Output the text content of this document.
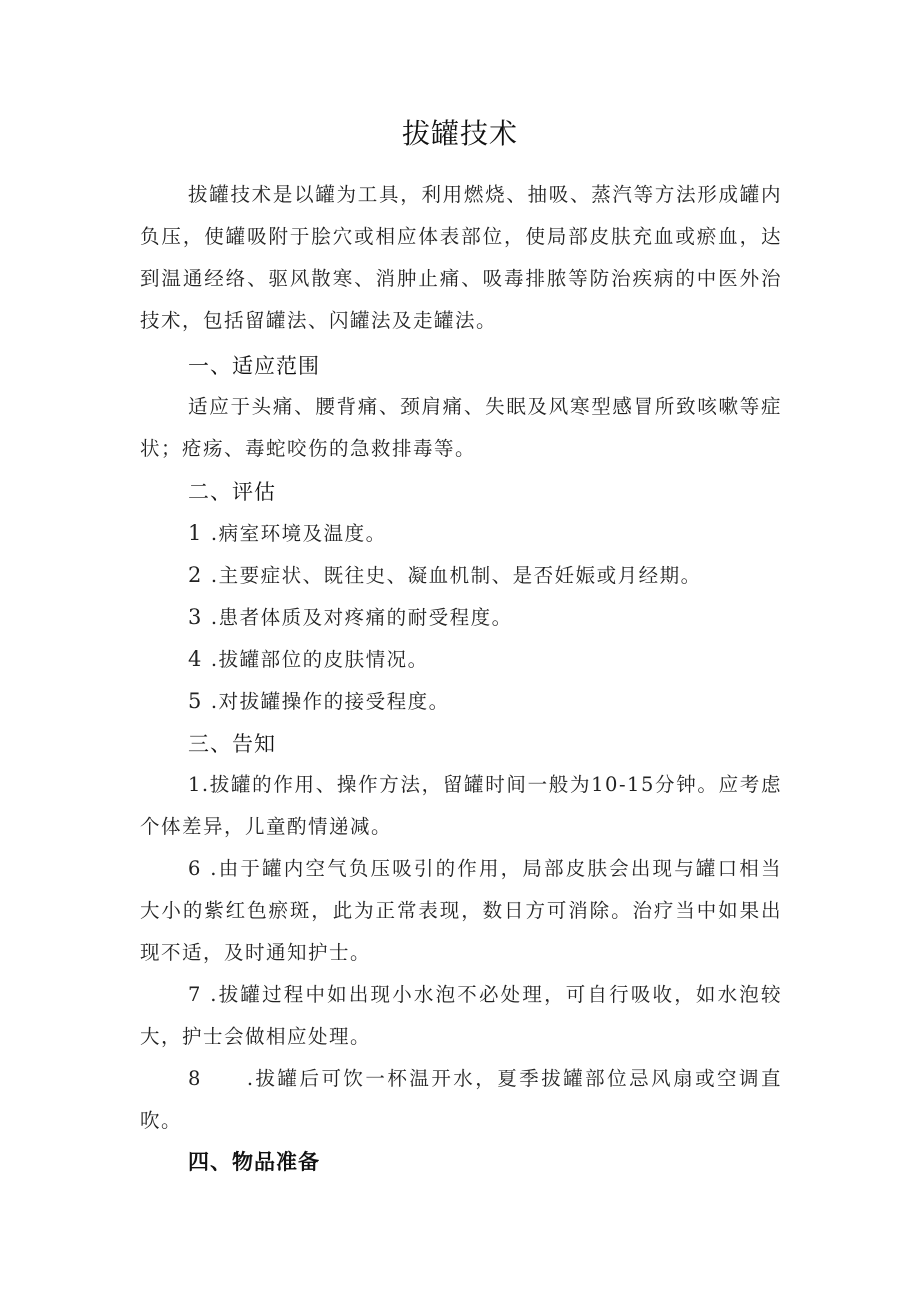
拔罐技术

拔罐技术是以罐为工具，利用燃烧、抽吸、蒸汽等方法形成罐内负压，使罐吸附于脍穴或相应体表部位，使局部皮肤充血或瘀血，达到温通经络、驱风散寒、消肿止痛、吸毒排脓等防治疾病的中医外治技术，包括留罐法、闪罐法及走罐法。

一、适应范围

适应于头痛、腰背痛、颈肩痛、失眠及风寒型感冒所致咳嗽等症状；疮疡、毒蛇咬伤的急救排毒等。

二、评估
1 .病室环境及温度。
2 .主要症状、既往史、凝血机制、是否妊娠或月经期。
3 .患者体质及对疼痛的耐受程度。
4 .拔罐部位的皮肤情况。
5 .对拔罐操作的接受程度。
三、告知

1.拔罐的作用、操作方法，留罐时间一般为10-15分钟。应考虑个体差异，儿童酌情递减。

6 .由于罐内空气负压吸引的作用，局部皮肤会出现与罐口相当大小的紫红色瘀斑，此为正常表现，数日方可消除。治疗当中如果出现不适，及时通知护士。

7 .拔罐过程中如出现小水泡不必处理，可自行吸收，如水泡较大，护士会做相应处理。

8　　.拔罐后可饮一杯温开水，夏季拔罐部位忌风扇或空调直吹。

四、物品准备
